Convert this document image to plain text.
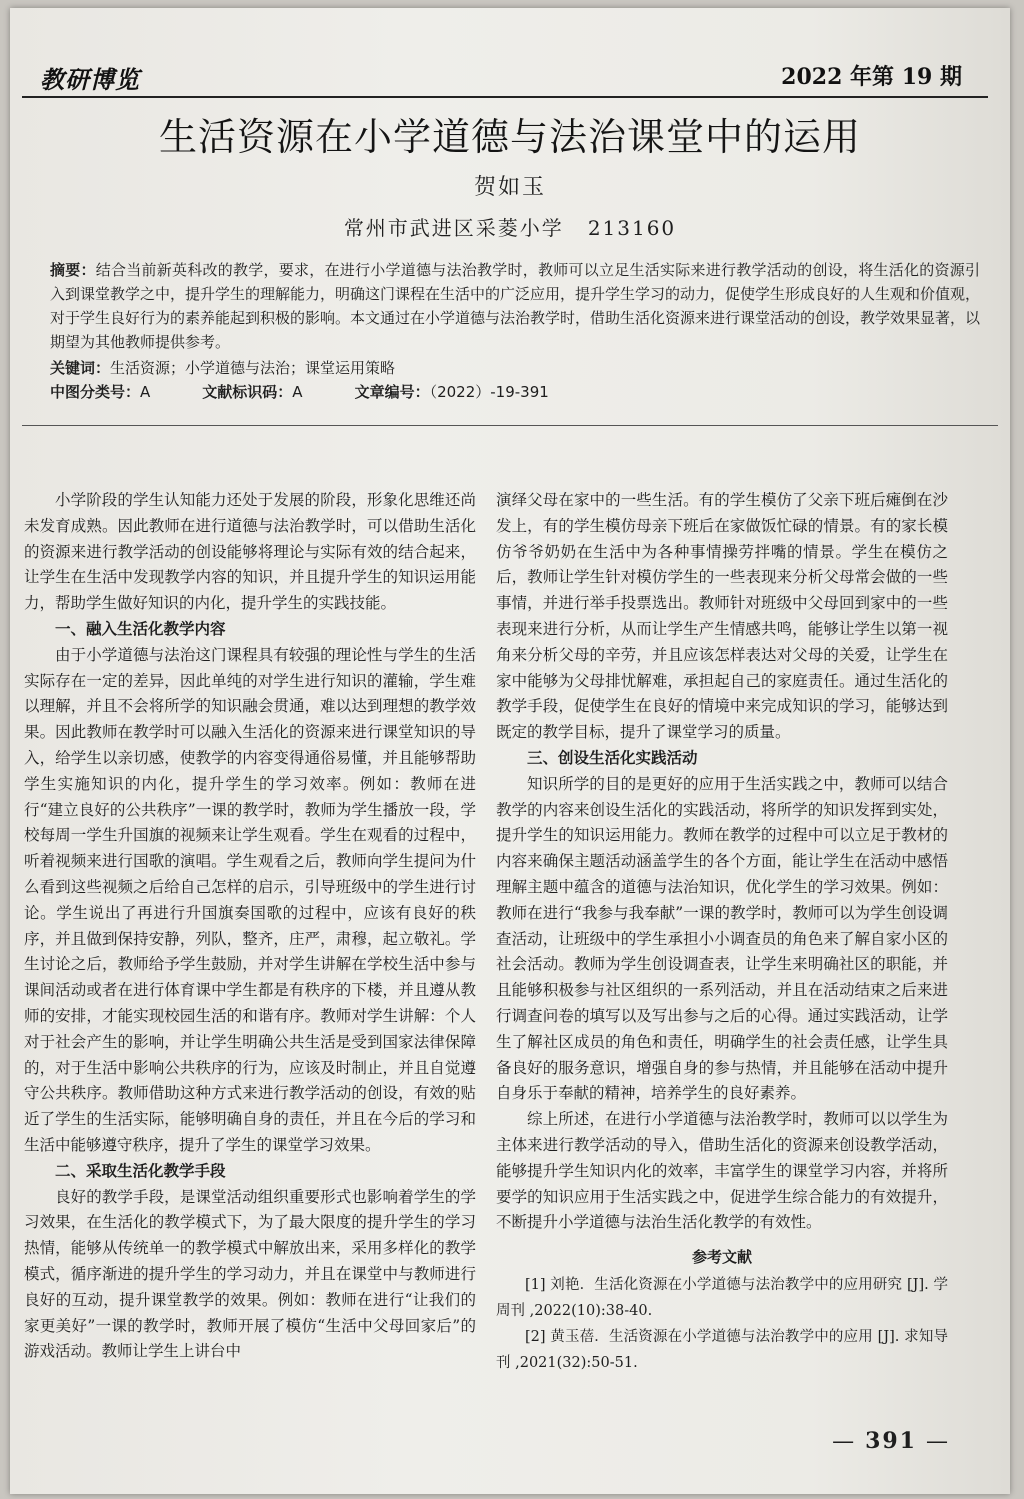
教研博览	2022 年第 19 期
生活资源在小学道德与法治课堂中的运用
贺如玉
常州市武进区采菱小学 213160
摘要：结合当前新英科改的教学，要求，在进行小学道德与法治教学时，教师可以立足生活实际来进行教学活动的创设，将生活化的资源引入到课堂教学之中，提升学生的理解能力，明确这门课程在生活中的广泛应用，提升学生学习的动力，促使学生形成良好的人生观和价值观，对于学生良好行为的素养能起到积极的影响。本文通过在小学道德与法治教学时，借助生活化资源来进行课堂活动的创设，教学效果显著，以期望为其他教师提供参考。
关键词：生活资源；小学道德与法治；课堂运用策略
中图分类号：A	文献标识码：A	文章编号：（2022）-19-391

小学阶段的学生认知能力还处于发展的阶段，形象化思维还尚未发育成熟。因此教师在进行道德与法治教学时，可以借助生活化的资源来进行教学活动的创设能够将理论与实际有效的结合起来，让学生在生活中发现教学内容的知识，并且提升学生的知识运用能力，帮助学生做好知识的内化，提升学生的实践技能。

一、融入生活化教学内容

由于小学道德与法治这门课程具有较强的理论性与学生的生活实际存在一定的差异，因此单纯的对学生进行知识的灌输，学生难以理解，并且不会将所学的知识融会贯通，难以达到理想的教学效果。因此教师在教学时可以融入生活化的资源来进行课堂知识的导入，给学生以亲切感，使教学的内容变得通俗易懂，并且能够帮助学生实施知识的内化，提升学生的学习效率。例如：教师在进行“建立良好的公共秩序”一课的教学时，教师为学生播放一段，学校每周一学生升国旗的视频来让学生观看。学生在观看的过程中，听着视频来进行国歌的演唱。学生观看之后，教师向学生提问为什么看到这些视频之后给自己怎样的启示，引导班级中的学生进行讨论。学生说出了再进行升国旗奏国歌的过程中，应该有良好的秩序，并且做到保持安静，列队，整齐，庄严，肃穆，起立敬礼。学生讨论之后，教师给予学生鼓励，并对学生讲解在学校生活中参与课间活动或者在进行体育课中学生都是有秩序的下楼，并且遵从教师的安排，才能实现校园生活的和谐有序。教师对学生讲解：个人对于社会产生的影响，并让学生明确公共生活是受到国家法律保障的，对于生活中影响公共秩序的行为，应该及时制止，并且自觉遵守公共秩序。教师借助这种方式来进行教学活动的创设，有效的贴近了学生的生活实际，能够明确自身的责任，并且在今后的学习和生活中能够遵守秩序，提升了学生的课堂学习效果。

二、采取生活化教学手段

良好的教学手段，是课堂活动组织重要形式也影响着学生的学习效果，在生活化的教学模式下，为了最大限度的提升学生的学习热情，能够从传统单一的教学模式中解放出来，采用多样化的教学模式，循序渐进的提升学生的学习动力，并且在课堂中与教师进行良好的互动，提升课堂教学的效果。例如：教师在进行“让我们的家更美好”一课的教学时，教师开展了模仿“生活中父母回家后”的游戏活动。教师让学生上讲台中

演绎父母在家中的一些生活。有的学生模仿了父亲下班后瘫倒在沙发上，有的学生模仿母亲下班后在家做饭忙碌的情景。有的家长模仿爷爷奶奶在生活中为各种事情操劳拌嘴的情景。学生在模仿之后，教师让学生针对模仿学生的一些表现来分析父母常会做的一些事情，并进行举手投票选出。教师针对班级中父母回到家中的一些表现来进行分析，从而让学生产生情感共鸣，能够让学生以第一视角来分析父母的辛劳，并且应该怎样表达对父母的关爱，让学生在家中能够为父母排忧解难，承担起自己的家庭责任。通过生活化的教学手段，促使学生在良好的情境中来完成知识的学习，能够达到既定的教学目标，提升了课堂学习的质量。

三、创设生活化实践活动

知识所学的目的是更好的应用于生活实践之中，教师可以结合教学的内容来创设生活化的实践活动，将所学的知识发挥到实处，提升学生的知识运用能力。教师在教学的过程中可以立足于教材的内容来确保主题活动涵盖学生的各个方面，能让学生在活动中感悟理解主题中蕴含的道德与法治知识，优化学生的学习效果。例如：教师在进行“我参与我奉献”一课的教学时，教师可以为学生创设调查活动，让班级中的学生承担小小调查员的角色来了解自家小区的社会活动。教师为学生创设调查表，让学生来明确社区的职能，并且能够积极参与社区组织的一系列活动，并且在活动结束之后来进行调查问卷的填写以及写出参与之后的心得。通过实践活动，让学生了解社区成员的角色和责任，明确学生的社会责任感，让学生具备良好的服务意识，增强自身的参与热情，并且能够在活动中提升自身乐于奉献的精神，培养学生的良好素养。

综上所述，在进行小学道德与法治教学时，教师可以以学生为主体来进行教学活动的导入，借助生活化的资源来创设教学活动，能够提升学生知识内化的效率，丰富学生的课堂学习内容，并将所要学的知识应用于生活实践之中，促进学生综合能力的有效提升，不断提升小学道德与法治生活化教学的有效性。

参考文献

[1] 刘艳．生活化资源在小学道德与法治教学中的应用研究 [J]. 学周刊 ,2022(10):38-40.

[2] 黄玉蓓．生活资源在小学道德与法治教学中的应用 [J]. 求知导刊 ,2021(32):50-51.

— 391 —
